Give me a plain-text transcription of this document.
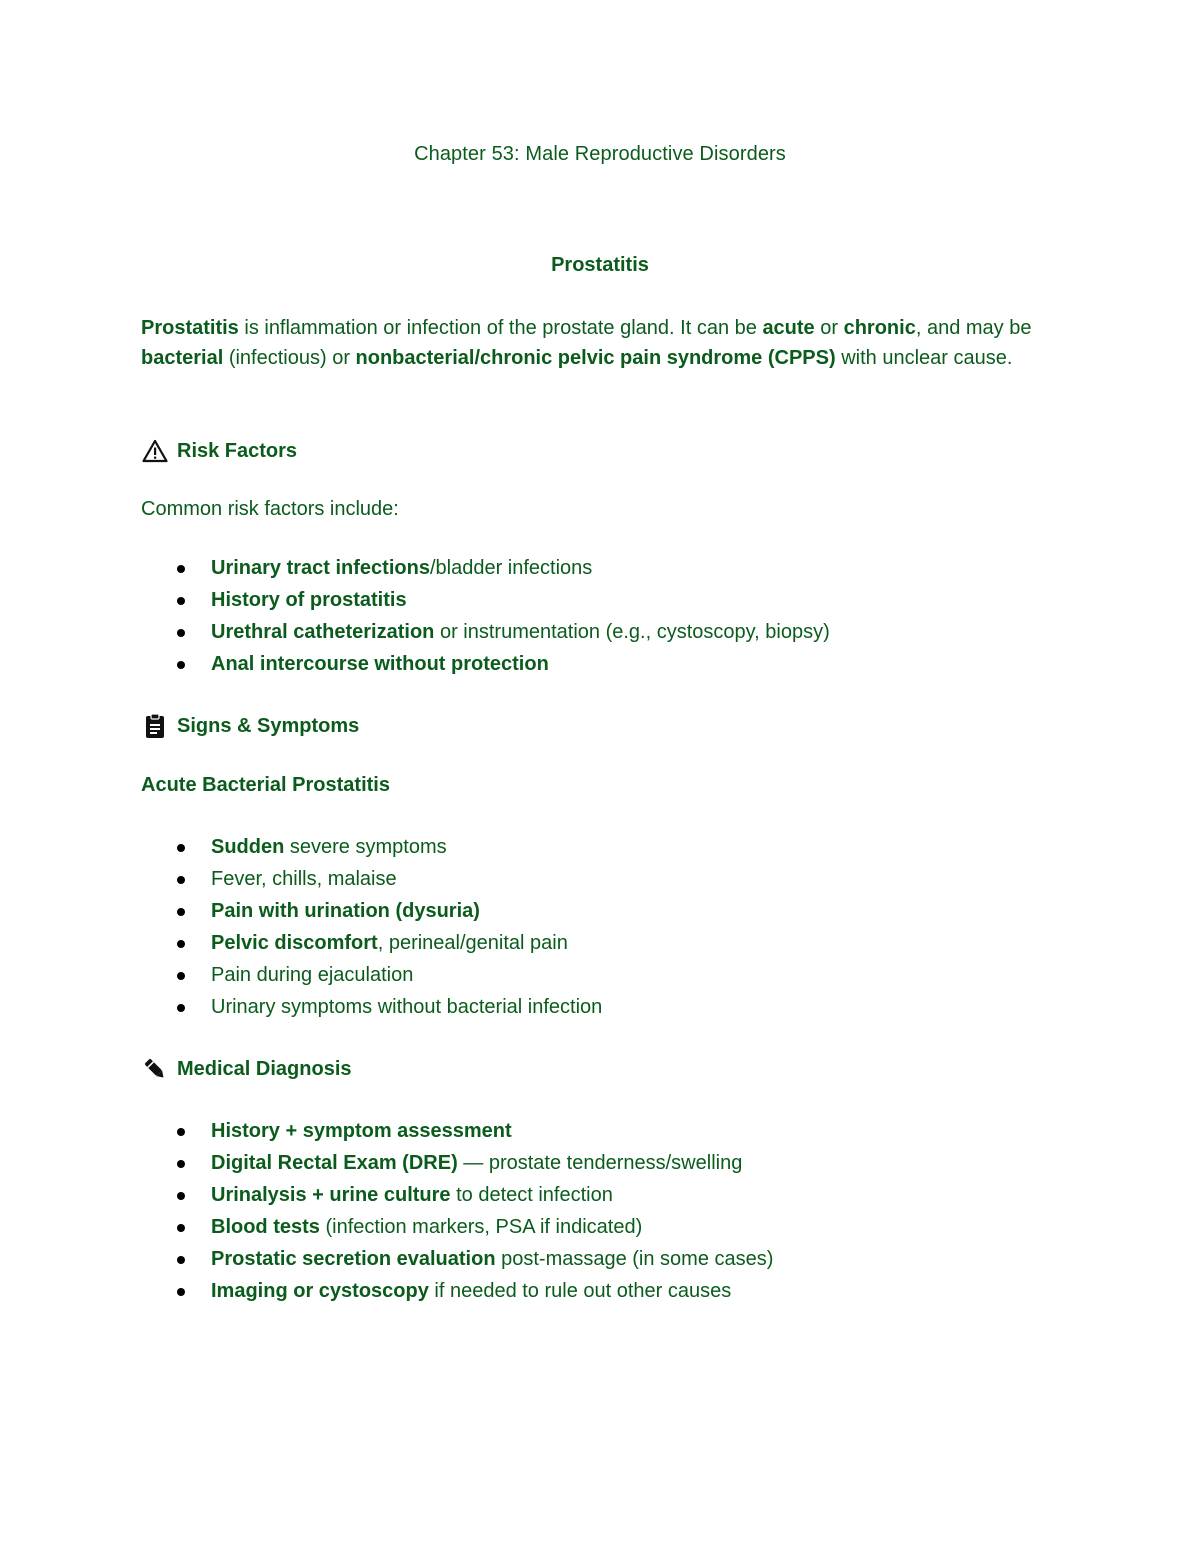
Chapter 53: Male Reproductive Disorders
Prostatitis
Prostatitis is inflammation or infection of the prostate gland. It can be acute or chronic, and may be bacterial (infectious) or nonbacterial/chronic pelvic pain syndrome (CPPS) with unclear cause.
Risk Factors
Common risk factors include:
Urinary tract infections/bladder infections
History of prostatitis
Urethral catheterization or instrumentation (e.g., cystoscopy, biopsy)
Anal intercourse without protection
Signs & Symptoms
Acute Bacterial Prostatitis
Sudden severe symptoms
Fever, chills, malaise
Pain with urination (dysuria)
Pelvic discomfort, perineal/genital pain
Pain during ejaculation
Urinary symptoms without bacterial infection
Medical Diagnosis
History + symptom assessment
Digital Rectal Exam (DRE) — prostate tenderness/swelling
Urinalysis + urine culture to detect infection
Blood tests (infection markers, PSA if indicated)
Prostatic secretion evaluation post-massage (in some cases)
Imaging or cystoscopy if needed to rule out other causes
